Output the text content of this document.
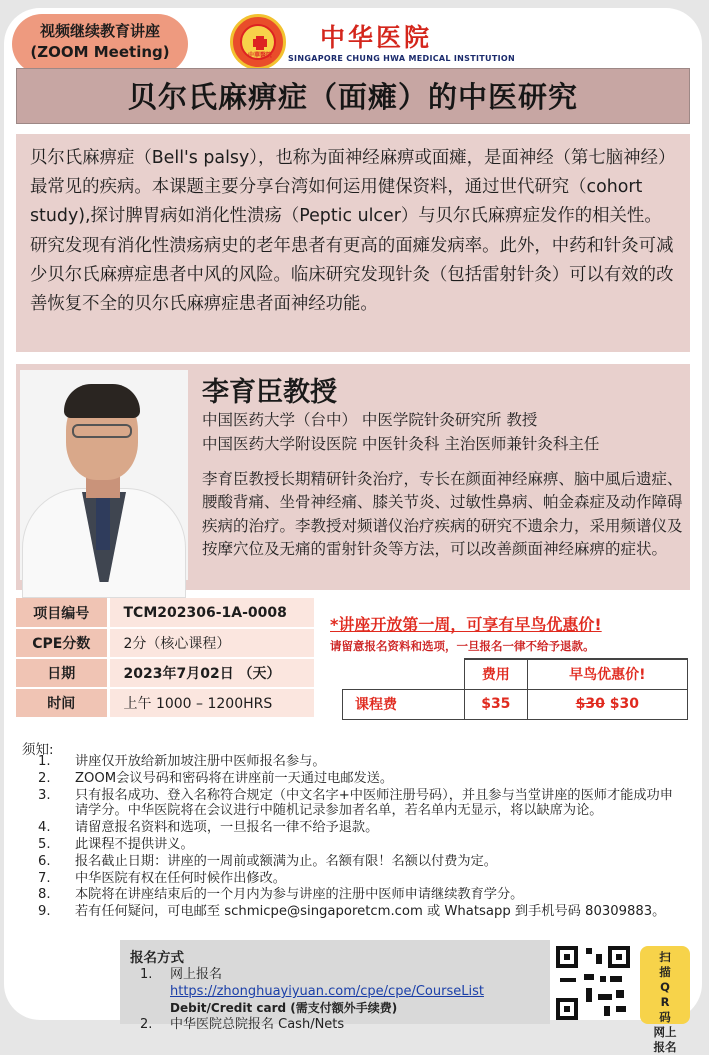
视频继续教育讲座
(ZOOM Meeting)	中華醫院
中华医院
SINGAPORE CHUNG HWA MEDICAL INSTITUTION
贝尔氏麻痹症（面瘫）的中医研究

贝尔氏麻痹症（Bell's palsy），也称为面神经麻痹或面瘫，是面神经（第七脑神经）最常见的疾病。本课题主要分享台湾如何运用健保资料，通过世代研究（cohort study),探讨脾胃病如消化性溃疡（Peptic ulcer）与贝尔氏麻痹症发作的相关性。研究发现有消化性溃疡病史的老年患者有更高的面瘫发病率。此外，中药和针灸可减少贝尔氏麻痹症患者中风的风险。临床研究发现针灸（包括雷射针灸）可以有效的改善恢复不全的贝尔氏麻痹症患者面神经功能。

李育臣教授
中国医药大学（台中） 中医学院针灸研究所 教授
中国医药大学附设医院 中医针灸科 主治医师兼针灸科主任
李育臣教授长期精研针灸治疗，专长在颜面神经麻痹、脑中風后遗症、腰酸背痛、坐骨神经痛、膝关节炎、过敏性鼻病、帕金森症及动作障碍疾病的治疗。李教授对频谱仪治疗疾病的研究不遗余力，采用频谱仪及按摩穴位及无痛的雷射针灸等方法，可以改善颜面神经麻痹的症状。
项目编号	TCM202306-1A-0008
CPE分数	2分（核心课程）
日期	2023年7月02日 （天）
时间	上午 1000 – 1200HRS
*讲座开放第一周，可享有早鸟优惠价!
请留意报名资料和选项，一旦报名一律不给予退款。
	费用	早鸟优惠价!
课程费	$35	$30 $30
须知:
1. 讲座仅开放给新加坡注册中医师报名参与。
2. ZOOM会议号码和密码将在讲座前一天通过电邮发送。
3. 只有报名成功、登入名称符合规定（中文名字+中医师注册号码），并且参与当堂讲座的医师才能成功申请学分。中华医院将在会议进行中随机记录参加者名单，若名单内无显示，将以缺席为论。
4. 请留意报名资料和选项，一旦报名一律不给予退款。
5. 此课程不提供讲义。
6. 报名截止日期：讲座的一周前或额满为止。名额有限！名额以付费为定。
7. 中华医院有权在任何时候作出修改。
8. 本院将在讲座结束后的一个月内为参与讲座的注册中医师申请继续教育学分。
9. 若有任何疑问，可电邮至 schmicpe@singaporetcm.com 或 Whatsapp 到手机号码 80309883。
报名方式
1. 网上报名 https://zhonghuayiyuan.com/cpe/cpe/CourseList
Debit/Credit card (需支付额外手续费)
2. 中华医院总院报名 Cash/Nets
扫
描
Q
R
码
网上
报名
